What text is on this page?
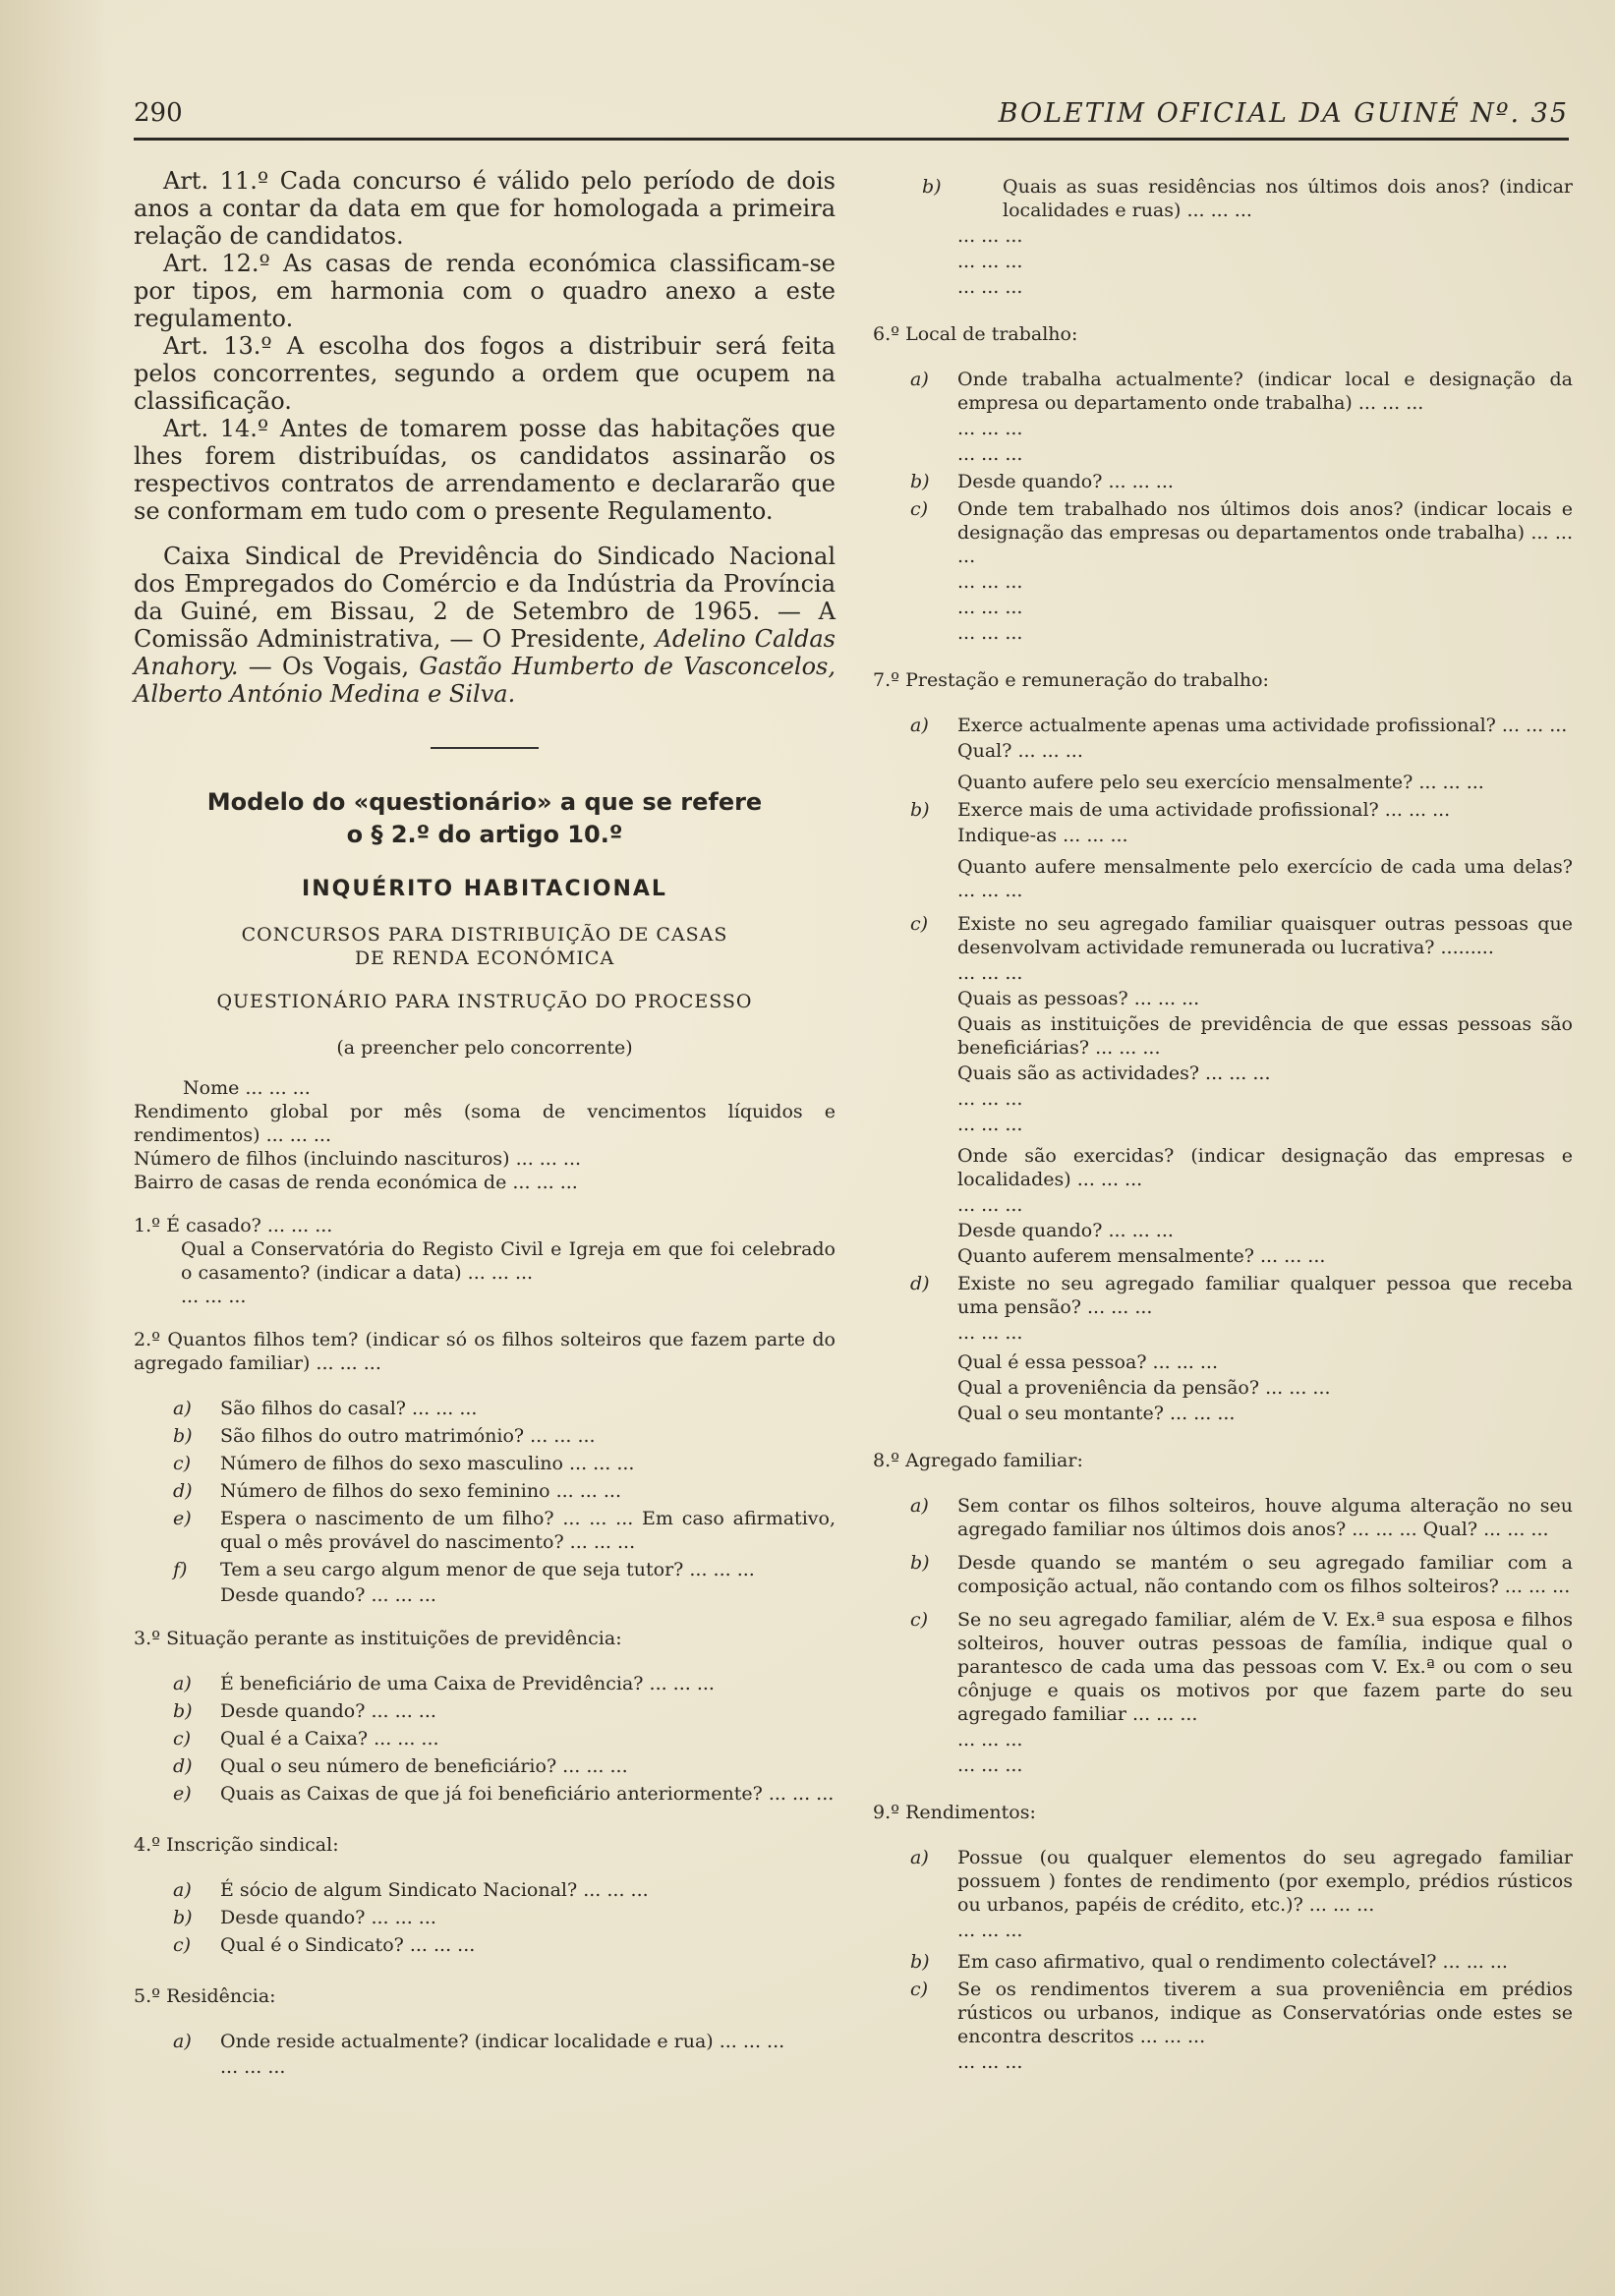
290	BOLETIM OFICIAL DA GUINÉ Nº. 35

Art. 11.º Cada concurso é válido pelo período de dois anos a contar da data em que for homologada a primeira relação de candidatos.

Art. 12.º As casas de renda económica classificam-se por tipos, em harmonia com o quadro anexo a este regulamento.

Art. 13.º A escolha dos fogos a distribuir será feita pelos concorrentes, segundo a ordem que ocupem na classificação.

Art. 14.º Antes de tomarem posse das habitações que lhes forem distribuídas, os candidatos assinarão os respectivos contratos de arrendamento e declararão que se conformam em tudo com o presente Regulamento.

Caixa Sindical de Previdência do Sindicado Nacional dos Empregados do Comércio e da Indústria da Província da Guiné, em Bissau, 2 de Setembro de 1965. — A Comissão Administrativa, — O Presidente, Adelino Caldas Anahory. — Os Vogais, Gastão Humberto de Vasconcelos, Alberto António Medina e Silva.

Modelo do «questionário» a que se refere

o § 2.º do artigo 10.º

INQUÉRITO HABITACIONAL

CONCURSOS PARA DISTRIBUIÇÃO DE CASAS

DE RENDA ECONÓMICA

QUESTIONÁRIO PARA INSTRUÇÃO DO PROCESSO

(a preencher pelo concorrente)

Nome ... ... ...

Rendimento global por mês (soma de vencimentos líquidos e rendimentos) ... ... ...

Número de filhos (incluindo nascituros) ... ... ...

Bairro de casas de renda económica de ... ... ...

1.º É casado? ... ... ...

Qual a Conservatória do Registo Civil e Igreja em que foi celebrado o casamento? (indicar a data) ... ... ...

... ... ...

2.º Quantos filhos tem? (indicar só os filhos solteiros que fazem parte do agregado familiar) ... ... ...

a)	São filhos do casal? ... ... ...
b)	São filhos do outro matrimónio? ... ... ...
c)	Número de filhos do sexo masculino ... ... ...
d)	Número de filhos do sexo feminino ... ... ...
e)	Espera o nascimento de um filho? ... ... ... Em caso afirmativo, qual o mês provável do nascimento? ... ... ...
f)	Tem a seu cargo algum menor de que seja tutor? ... ... ...

Desde quando? ... ... ...

3.º Situação perante as instituições de previdência:

a)	É beneficiário de uma Caixa de Previdência? ... ... ...
b)	Desde quando? ... ... ...
c)	Qual é a Caixa? ... ... ...
d)	Qual o seu número de beneficiário? ... ... ...
e)	Quais as Caixas de que já foi beneficiário anteriormente? ... ... ...

4.º Inscrição sindical:

a)	É sócio de algum Sindicato Nacional? ... ... ...
b)	Desde quando? ... ... ...
c)	Qual é o Sindicato? ... ... ...

5.º Residência:

a)	Onde reside actualmente? (indicar localidade e rua) ... ... ...

... ... ...

b)	Quais as suas residências nos últimos dois anos? (indicar localidades e ruas) ... ... ...

... ... ...

... ... ...

... ... ...

6.º Local de trabalho:

a)	Onde trabalha actualmente? (indicar local e designação da empresa ou departamento onde trabalha) ... ... ...

... ... ...

... ... ...

b)	Desde quando? ... ... ...
c)	Onde tem trabalhado nos últimos dois anos? (indicar locais e designação das empresas ou departamentos onde trabalha) ... ... ...

... ... ...

... ... ...

... ... ...

7.º Prestação e remuneração do trabalho:

a)	Exerce actualmente apenas uma actividade profissional? ... ... ...

Qual? ... ... ...

Quanto aufere pelo seu exercício mensalmente? ... ... ...

b)	Exerce mais de uma actividade profissional? ... ... ...

Indique-as ... ... ...

Quanto aufere mensalmente pelo exercício de cada uma delas? ... ... ...

c)	Existe no seu agregado familiar quaisquer outras pessoas que desenvolvam actividade remunerada ou lucrativa? .........

... ... ...

Quais as pessoas? ... ... ...

Quais as instituições de previdência de que essas pessoas são beneficiárias? ... ... ...

Quais são as actividades? ... ... ...

... ... ...

... ... ...

Onde são exercidas? (indicar designação das empresas e localidades) ... ... ...

... ... ...

Desde quando? ... ... ...

Quanto auferem mensalmente? ... ... ...

d)	Existe no seu agregado familiar qualquer pessoa que receba uma pensão? ... ... ...

... ... ...

Qual é essa pessoa? ... ... ...

Qual a proveniência da pensão? ... ... ...

Qual o seu montante? ... ... ...

8.º Agregado familiar:

a)	Sem contar os filhos solteiros, houve alguma alteração no seu agregado familiar nos últimos dois anos? ... ... ... Qual? ... ... ...
b)	Desde quando se mantém o seu agregado familiar com a composição actual, não contando com os filhos solteiros? ... ... ...
c)	Se no seu agregado familiar, além de V. Ex.ª sua esposa e filhos solteiros, houver outras pessoas de família, indique qual o parantesco de cada uma das pessoas com V. Ex.ª ou com o seu cônjuge e quais os motivos por que fazem parte do seu agregado familiar ... ... ...

... ... ...

... ... ...

9.º Rendimentos:

a)	Possue (ou qualquer elementos do seu agregado familiar possuem ) fontes de rendimento (por exemplo, prédios rústicos ou urbanos, papéis de crédito, etc.)? ... ... ...

... ... ...

b)	Em caso afirmativo, qual o rendimento colectável? ... ... ...
c)	Se os rendimentos tiverem a sua proveniência em prédios rústicos ou urbanos, indique as Conservatórias onde estes se encontra descritos ... ... ...

... ... ...
